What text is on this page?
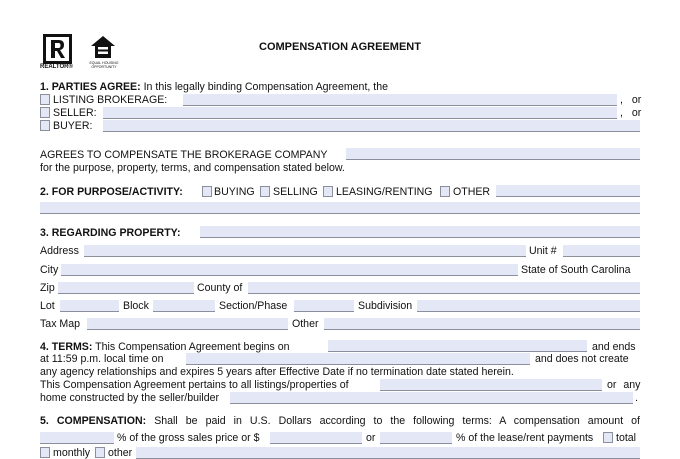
REALTOR®
EQUAL HOUSING OPPORTUNITY
COMPENSATION AGREEMENT
1. PARTIES AGREE: In this legally binding Compensation Agreement, the
LISTING BROKERAGE:	, or
SELLER:	, or
BUYER:
AGREES TO COMPENSATE THE BROKERAGE COMPANY
for the purpose, property, terms, and compensation stated below.
2. FOR PURPOSE/ACTIVITY:	BUYING SELLING LEASING/RENTING OTHER
3. REGARDING PROPERTY:
Address	Unit #
City	State of South Carolina
Zip	County of
Lot	Block	Section/Phase	Subdivision
Tax Map	Other
4. TERMS: This Compensation Agreement begins on	and ends
at 11:59 p.m. local time on	and does not create
any agency relationships and expires 5 years after Effective Date if no termination date stated herein.
This Compensation Agreement pertains to all listings/properties of	or any
home constructed by the seller/builder	.
5. COMPENSATION: Shall be paid in U.S. Dollars according to the following terms: A compensation amount of
% of the gross sales price or $	or	% of the lease/rent payments total
monthly other
